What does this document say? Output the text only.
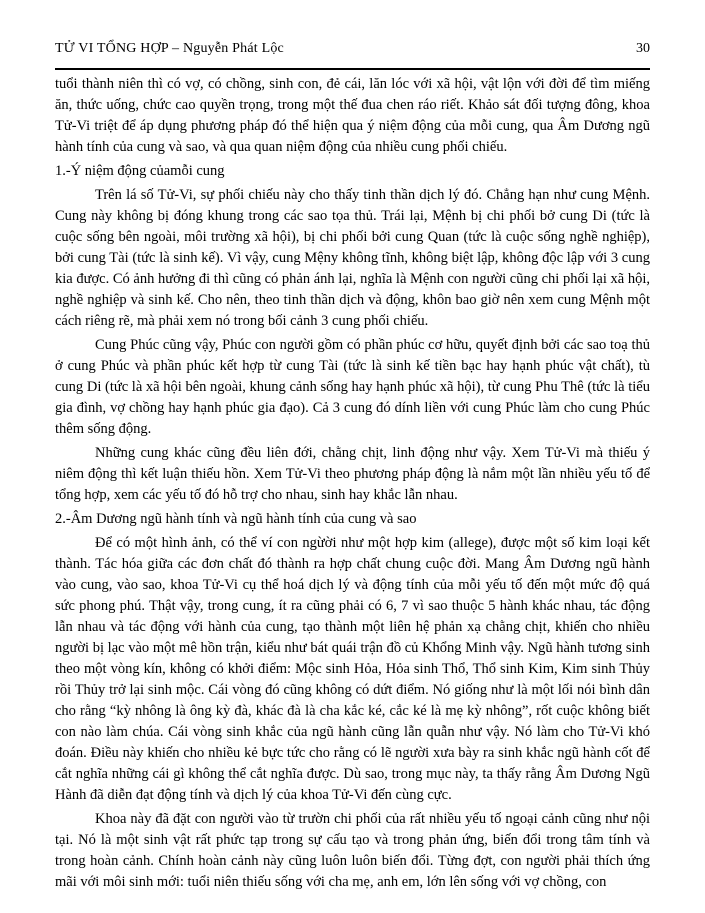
TỬ VI TỔNG HỢP – Nguyễn Phát Lộc	30

tuổi thành niên thì có vợ, có chồng, sinh con, đẻ cái, lăn lóc với xã hội, vật lộn với đời để tìm miếng ăn, thức uống, chức cao quyền trọng, trong một thế đua chen ráo riết. Khảo sát đối tượng đông, khoa Tử-Vi triệt để áp dụng phương pháp đó thể hiện qua ý niệm động của mỗi cung, qua Âm Dương ngũ hành tính của cung và sao, và qua quan niệm động của nhiều cung phối chiếu.

1.-Ý niệm động củamỗi cung

Trên lá số Tử-Vi, sự phối chiếu này cho thấy tinh thần dịch lý đó. Chẳng hạn như cung Mệnh. Cung này không bị đóng khung trong các sao tọa thủ. Trái lại, Mệnh bị chi phối bở cung Di (tức là cuộc sống bên ngoài, môi trường xã hội), bị chi phối bởi cung Quan (tức là cuộc sống nghề nghiệp), bởi cung Tài (tức là sinh kế). Vì vậy, cung Mệny không tĩnh, không biệt lập, không độc lập với 3 cung kia được. Có ảnh hưởng đi thì cũng có phản ánh lại, nghĩa là Mệnh con người cũng chi phối lại xã hội, nghề nghiệp và sinh kế. Cho nên, theo tinh thần dịch và động, khôn bao giờ nên xem cung Mệnh một cách riêng rẽ, mà phải xem nó trong bối cảnh 3 cung phối chiếu.

Cung Phúc cũng vậy, Phúc con người gồm có phần phúc cơ hữu, quyết định bởi các sao toạ thủ ở cung Phúc và phần phúc kết hợp từ cung Tài (tức là sinh kế tiền bạc hay hạnh phúc vật chất), tù cung Di (tức là xã hội bên ngoài, khung cảnh sống hay hạnh phúc xã hội), từ cung Phu Thê (tức là tiểu gia đình, vợ chồng hay hạnh phúc gia đạo). Cả 3 cung đó dính liền với cung Phúc làm cho cung Phúc thêm sống động.

Những cung khác cũng đều liên đới, chằng chịt, linh động như vậy. Xem Tử-Vi mà thiếu ý niêm động thì kết luận thiếu hồn. Xem Tử-Vi theo phương pháp động là nắm một lần nhiều yếu tố để tổng hợp, xem các yếu tố đó hỗ trợ cho nhau, sinh hay khắc lẫn nhau.

2.-Âm Dương ngũ hành tính và ngũ hành tính của cung và sao

Để có một hình ảnh, có thể ví con ngừời như một hợp kim (allege), được một số kim loại kết thành. Tác hóa giữa các đơn chất đó thành ra hợp chất chung cuộc đời. Mang Âm Dương ngũ hành vào cung, vào sao, khoa Tử-Vi cụ thể hoá dịch lý và động tính của mỗi yếu tố đến một mức độ quá sức phong phú. Thật vậy, trong cung, ít ra cũng phải có 6, 7 vì sao thuộc 5 hành khác nhau, tác động lẫn nhau và tác động với hành của cung, tạo thành một liên hệ phản xạ chằng chịt, khiến cho nhiều người bị lạc vào một mê hồn trận, kiểu như bát quái trận đồ củ Khổng Minh vậy. Ngũ hành tương sinh theo một vòng kín, không có khởi điểm: Mộc sinh Hỏa, Hỏa sinh Thổ, Thổ sinh Kim, Kim sinh Thủy rồi Thủy trở lại sinh mộc. Cái vòng đó cũng không có dứt điểm. Nó giống như là một lối nói bình dân cho rằng “kỳ nhông là ông kỳ đà, khác đà là cha kắc ké, cắc ké là mẹ kỳ nhông”, rốt cuộc không biết con nào làm chúa. Cái vòng sinh khắc của ngũ hành cũng lẫn quẫn như vậy. Nó làm cho Tử-Vi khó đoán. Điều này khiến cho nhiều kẻ bực tức cho rằng có lẽ người xưa bày ra sinh khắc ngũ hành cốt để cắt nghĩa những cái gì không thể cắt nghĩa được. Dù sao, trong mục này, ta thấy rằng Âm Dương Ngũ Hành đã diễn đạt động tính và dịch lý của khoa Tử-Vi đến cùng cực.

Khoa này đã đặt con người vào từ trườn chi phối của rất nhiều yếu tố ngoại cảnh cũng như nội tại. Nó là một sinh vật rất phức tạp trong sự cấu tạo và trong phản ứng, biến đổi trong tâm tính và trong hoàn cảnh. Chính hoàn cảnh này cũng luôn luôn biến đổi. Từng đợt, con người phải thích ứng mãi với môi sinh mới: tuổi niên thiếu sống với cha mẹ, anh em, lớn lên sống với vợ chồng, con
